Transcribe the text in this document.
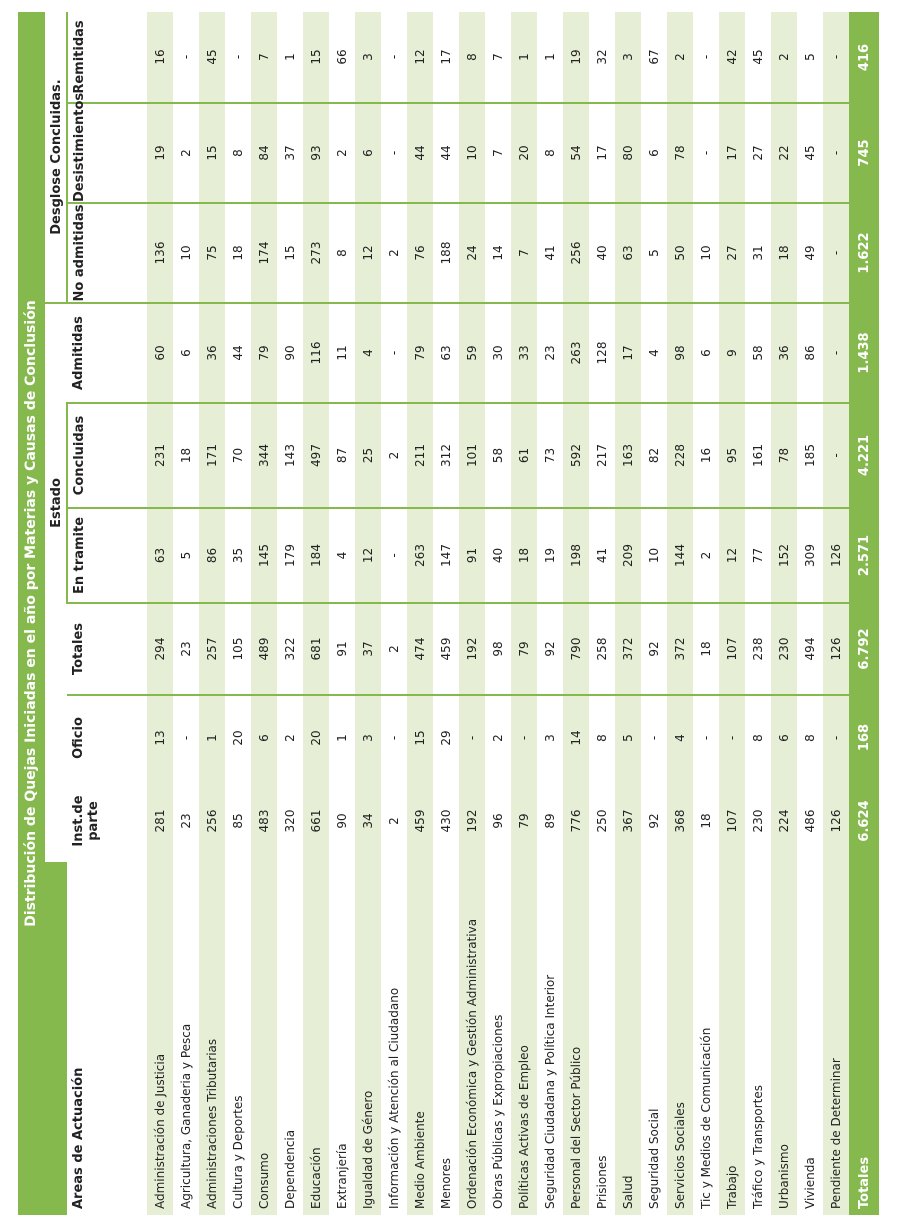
Distribución de Quejas Iniciadas en el año por Materias y Causas de Conclusión
				Estado			Desglose Concluidas.		
Areas de Actuación	Inst.de parte	Oficio	Totales	En tramite	Concluidas	Admitidas	No admitidas	Desistimientos	Remitidas
Administración de Justicia	281	13	294	63	231	60	136	19	16
Agricultura, Ganaderia y Pesca	23	-	23	5	18	6	10	2	-
Administraciones Tributarias	256	1	257	86	171	36	75	15	45
Cultura y Deportes	85	20	105	35	70	44	18	8	-
Consumo	483	6	489	145	344	79	174	84	7
Dependencia	320	2	322	179	143	90	15	37	1
Educación	661	20	681	184	497	116	273	93	15
Extranjería	90	1	91	4	87	11	8	2	66
Igualdad de Género	34	3	37	12	25	4	12	6	3
Información y Atención al Ciudadano	2	-	2	-	2	-	2	-	-
Medio Ambiente	459	15	474	263	211	79	76	44	12
Menores	430	29	459	147	312	63	188	44	17
Ordenación Económica y Gestión Administrativa	192	-	192	91	101	59	24	10	8
Obras Públicas y Expropiaciones	96	2	98	40	58	30	14	7	7
Políticas Activas de Empleo	79	-	79	18	61	33	7	20	1
Seguridad Ciudadana y Política Interior	89	3	92	19	73	23	41	8	1
Personal del Sector Público	776	14	790	198	592	263	256	54	19
Prisiones	250	8	258	41	217	128	40	17	32
Salud	367	5	372	209	163	17	63	80	3
Seguridad Social	92	-	92	10	82	4	5	6	67
Servicios Sociales	368	4	372	144	228	98	50	78	2
Tic y Medios de Comunicación	18	-	18	2	16	6	10	-	-
Trabajo	107	-	107	12	95	9	27	17	42
Tráfico y Transportes	230	8	238	77	161	58	31	27	45
Urbanismo	224	6	230	152	78	36	18	22	2
Vivienda	486	8	494	309	185	86	49	45	5
Pendiente de Determinar	126	-	126	126	-	-	-	-	-
Totales	6.624	168	6.792	2.571	4.221	1.438	1.622	745	416
